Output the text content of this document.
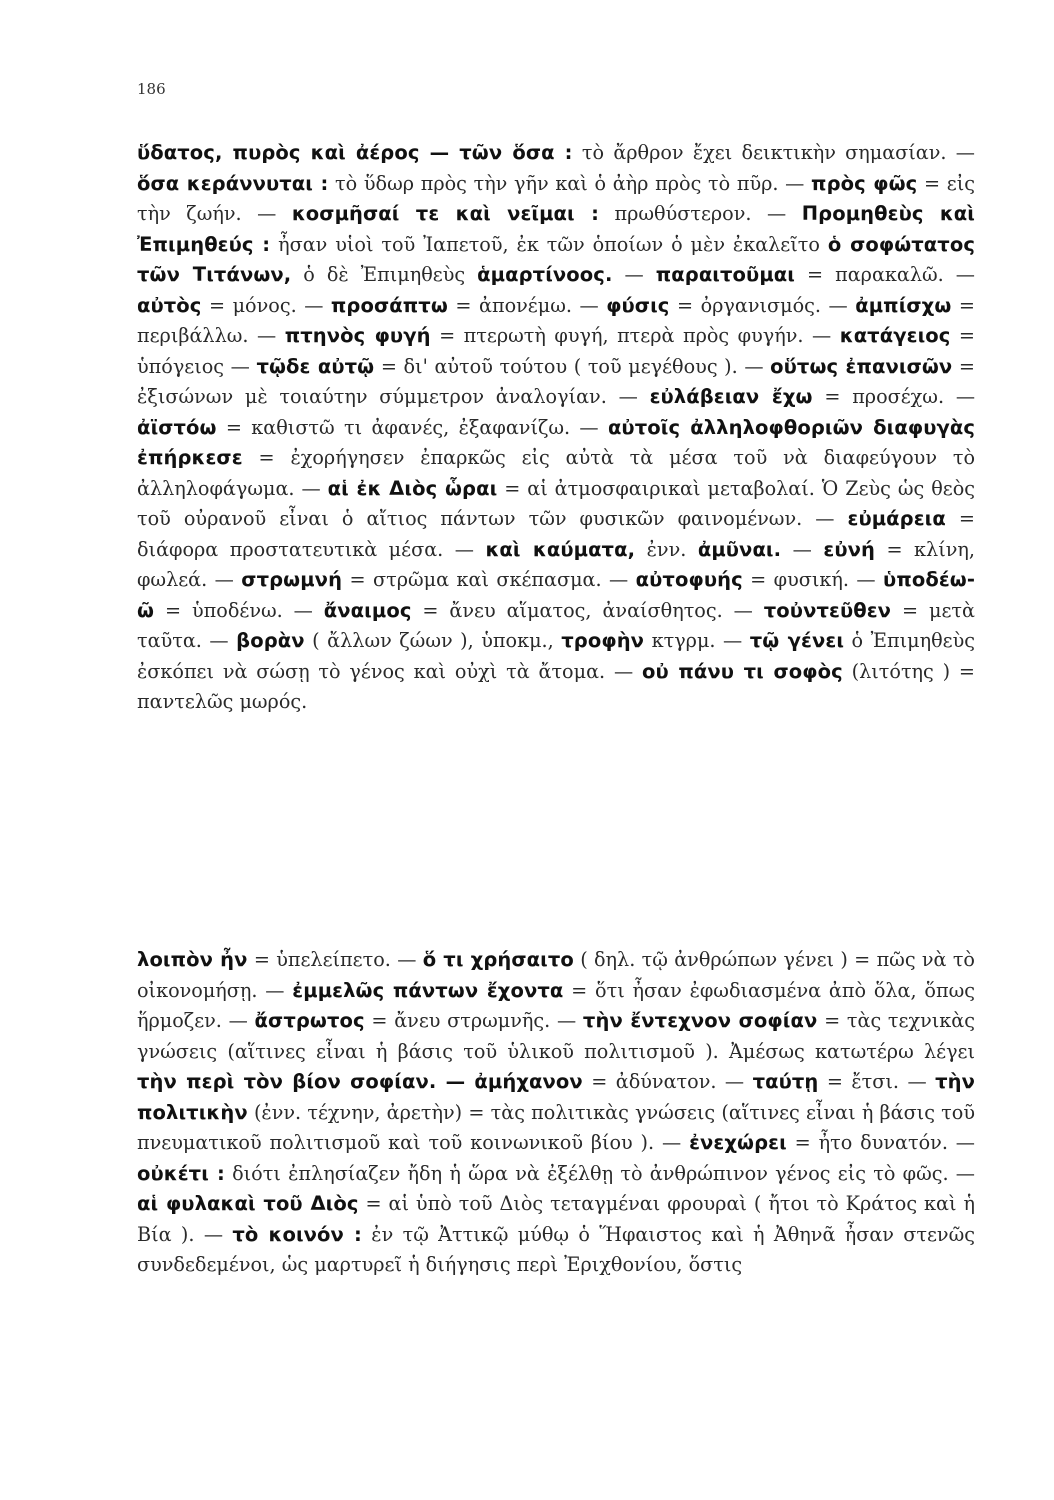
186

ὕδατος, πυρὸς καὶ ἀέρος — τῶν ὅσα : τὸ ἄρθρον ἔχει δεικτικὴν σημασίαν. — ὅσα κεράννυται : τὸ ὕδωρ πρὸς τὴν γῆν καὶ ὁ ἀὴρ πρὸς τὸ πῦρ. — πρὸς φῶς = εἰς τὴν ζωήν. — κοσμῆσαί τε καὶ νεῖμαι : πρωθύστερον. — Προμηθεὺς καὶ Ἐπιμηθεύς : ἦσαν υἱοὶ τοῦ Ἰαπετοῦ, ἐκ τῶν ὁποίων ὁ μὲν ἐκαλεῖτο ὁ σοφώτατος τῶν Τιτάνων, ὁ δὲ Ἐπιμηθεὺς ἁμαρτίνοος. — παραιτοῦμαι = παρακαλῶ. — αὐτὸς = μόνος. — προσάπτω = ἀπονέμω. — φύσις = ὀργανισμός. — ἀμπίσχω = περιβάλλω. — πτηνὸς φυγή = πτερωτὴ φυγή, πτερὰ πρὸς φυγήν. — κατάγειος = ὑπόγειος — τῷδε αὐτῷ = δι' αὐτοῦ τούτου ( τοῦ μεγέθους ). — οὕτως ἐπανισῶν = ἐξισώνων μὲ τοιαύτην σύμμετρον ἀναλογίαν. — εὐλάβειαν ἔχω = προσέχω. — ἀϊστόω = καθιστῶ τι ἀφανές, ἐξαφανίζω. — αὐτοῖς ἀλληλοφθοριῶν διαφυγὰς ἐπήρκεσε = ἐχορήγησεν ἐπαρκῶς εἰς αὐτὰ τὰ μέσα τοῦ νὰ διαφεύγουν τὸ ἀλληλοφάγωμα. — αἱ ἐκ Διὸς ὧραι = αἱ ἀτμοσφαιρικαὶ μεταβολαί. Ὁ Ζεὺς ὡς θεὸς τοῦ οὐρανοῦ εἶναι ὁ αἴτιος πάντων τῶν φυσικῶν φαινομένων. — εὐμάρεια = διάφορα προστατευτικὰ μέσα. — καὶ καύματα, ἐνν. ἀμῦναι. — εὐνή = κλίνη, φωλεά. — στρωμνή = στρῶμα καὶ σκέπασμα. — αὐτοφυής = φυσική. — ὑποδέω-ῶ = ὑποδένω. — ἄναιμος = ἄνευ αἵματος, ἀναίσθητος. — τοὐντεῦθεν = μετὰ ταῦτα. — βορὰν ( ἄλλων ζώων ), ὑποκμ., τροφὴν κτγρμ. — τῷ γένει ὁ Ἐπιμηθεὺς ἐσκόπει νὰ σώσῃ τὸ γένος καὶ οὐχὶ τὰ ἄτομα. — οὐ πάνυ τι σοφὸς (λιτότης ) = παντελῶς μωρός.

λοιπὸν ἦν = ὑπελείπετο. — ὅ τι χρήσαιτο ( δηλ. τῷ ἀνθρώπων γένει ) = πῶς νὰ τὸ οἰκονομήσῃ. — ἐμμελῶς πάντων ἔχοντα = ὅτι ἦσαν ἐφωδιασμένα ἀπὸ ὅλα, ὅπως ἥρμοζεν. — ἄστρωτος = ἄνευ στρωμνῆς. — τὴν ἔντεχνον σοφίαν = τὰς τεχνικὰς γνώσεις (αἵτινες εἶναι ἡ βάσις τοῦ ὑλικοῦ πολιτισμοῦ ). Ἀμέσως κατωτέρω λέγει τὴν περὶ τὸν βίον σοφίαν. — ἀμήχανον = ἀδύνατον. — ταύτῃ = ἔτσι. — τὴν πολιτικὴν (ἐνν. τέχνην, ἀρετὴν) = τὰς πολιτικὰς γνώσεις (αἵτινες εἶναι ἡ βάσις τοῦ πνευματικοῦ πολιτισμοῦ καὶ τοῦ κοινωνικοῦ βίου ). — ἐνεχώρει = ἦτο δυνατόν. — οὐκέτι : διότι ἐπλησίαζεν ἤδη ἡ ὥρα νὰ ἐξέλθῃ τὸ ἀνθρώπινον γένος εἰς τὸ φῶς. — αἱ φυλακαὶ τοῦ Διὸς = αἱ ὑπὸ τοῦ Διὸς τεταγμέναι φρουραὶ ( ἤτοι τὸ Κράτος καὶ ἡ Βία ). — τὸ κοινόν : ἐν τῷ Ἀττικῷ μύθῳ ὁ Ἥφαιστος καὶ ἡ Ἀθηνᾶ ἦσαν στενῶς συνδεδεμένοι, ὡς μαρτυρεῖ ἡ διήγησις περὶ Ἐριχθονίου, ὅστις
